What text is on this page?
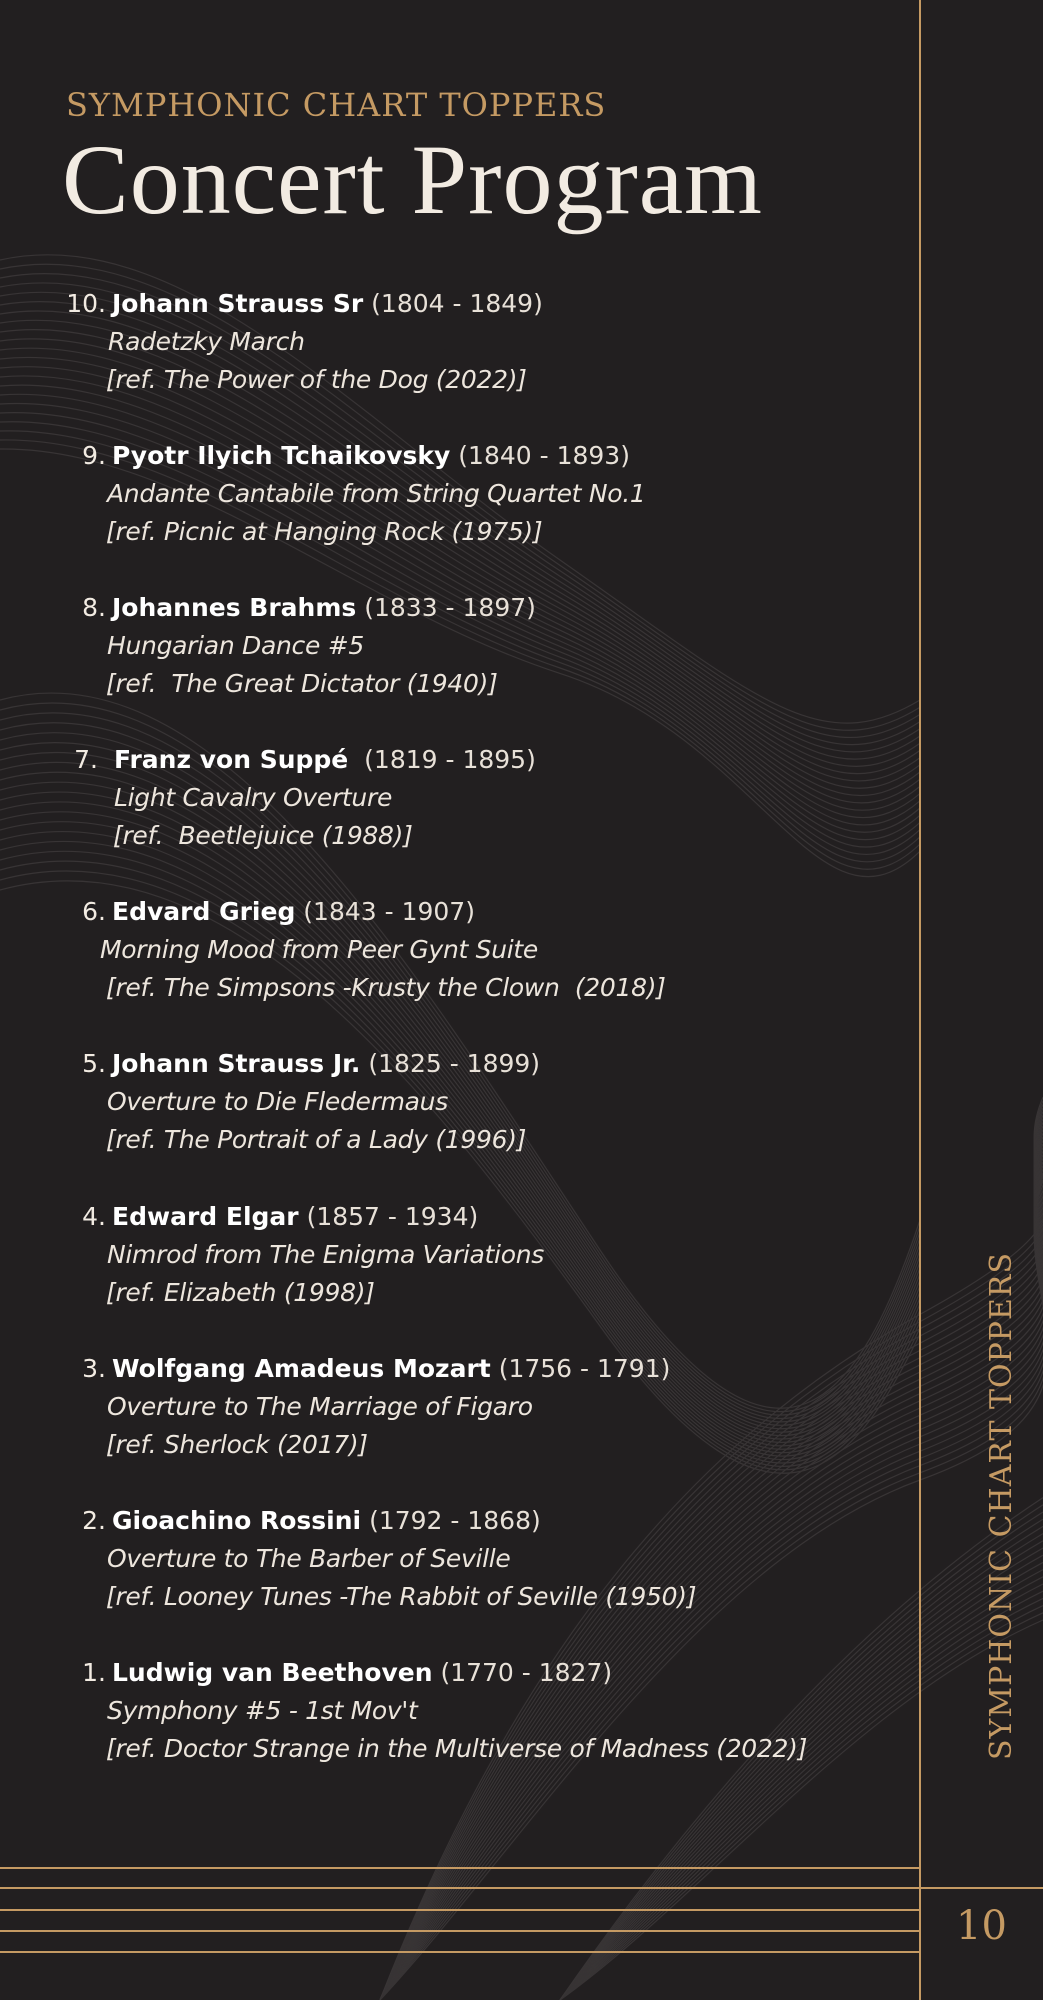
SYMPHONIC CHART TOPPERS
Concert Program
10. Johann Strauss Sr (1804 - 1849)
Radetzky March
[ref. The Power of the Dog (2022)]
9. Pyotr Ilyich Tchaikovsky (1840 - 1893)
Andante Cantabile from String Quartet No.1
[ref. Picnic at Hanging Rock (1975)]
8. Johannes Brahms (1833 - 1897)
Hungarian Dance #5
[ref.  The Great Dictator (1940)]
7. Franz von Suppé (1819 - 1895)
Light Cavalry Overture
[ref.  Beetlejuice (1988)]
6. Edvard Grieg (1843 - 1907)
Morning Mood from Peer Gynt Suite
[ref. The Simpsons -Krusty the Clown  (2018)]
5. Johann Strauss Jr. (1825 - 1899)
Overture to Die Fledermaus
[ref. The Portrait of a Lady (1996)]
4. Edward Elgar (1857 - 1934)
Nimrod from The Enigma Variations
[ref. Elizabeth (1998)]
3. Wolfgang Amadeus Mozart (1756 - 1791)
Overture to The Marriage of Figaro
[ref. Sherlock (2017)]
2. Gioachino Rossini (1792 - 1868)
Overture to The Barber of Seville
[ref. Looney Tunes -The Rabbit of Seville (1950)]
1. Ludwig van Beethoven (1770 - 1827)
Symphony #5 - 1st Mov't
[ref. Doctor Strange in the Multiverse of Madness (2022)]	SYMPHONIC CHART TOPPERS
10
